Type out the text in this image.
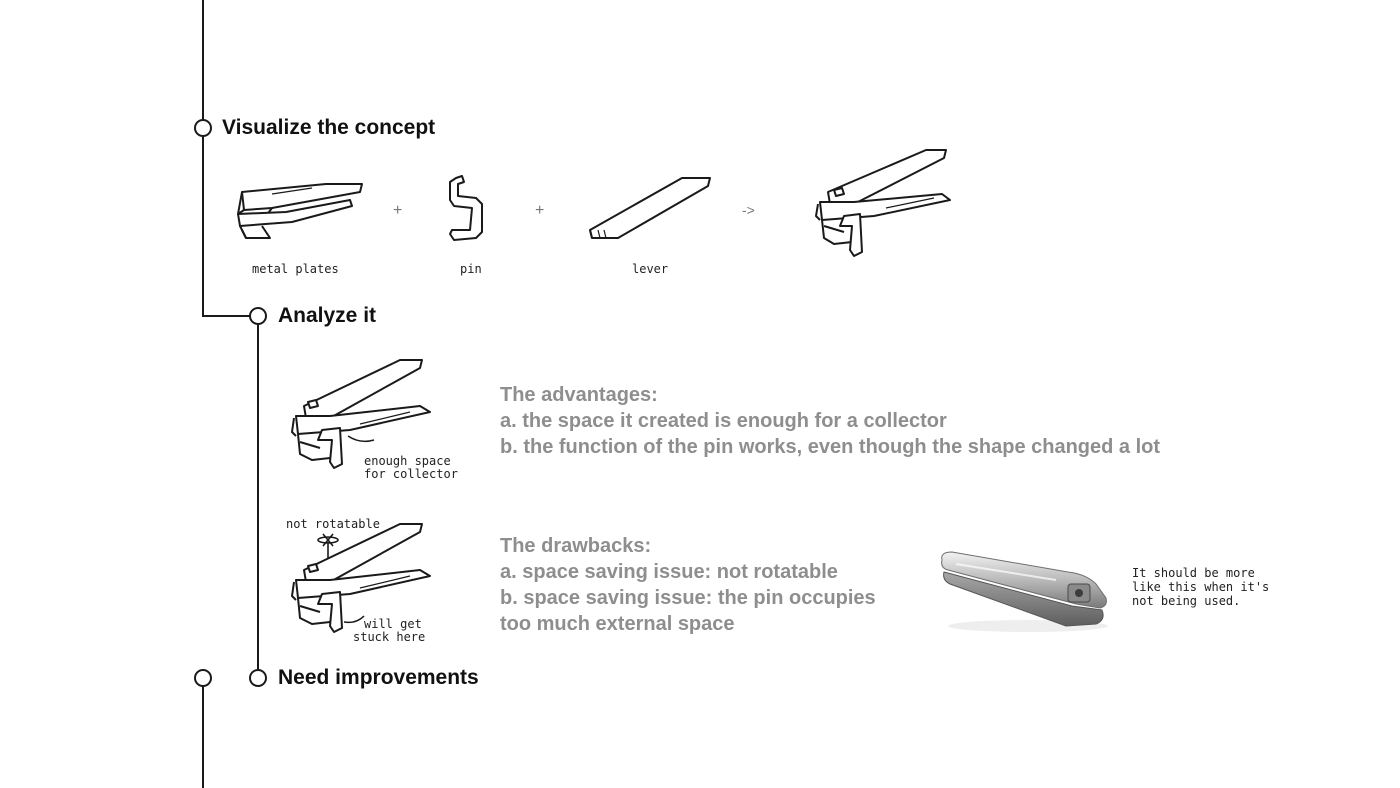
Visualize the concept
Analyze it
Need improvements
metal plates
+
pin
+
lever
->
enough space
for collector
The advantages:
a. the space it created is enough for a collector
b. the function of the pin works, even though the shape changed a lot
not rotatable
will get
stuck here
The drawbacks:
a. space saving issue: not rotatable
b. space saving issue: the pin occupies
too much external space
It should be more
like this when it's
not being used.
